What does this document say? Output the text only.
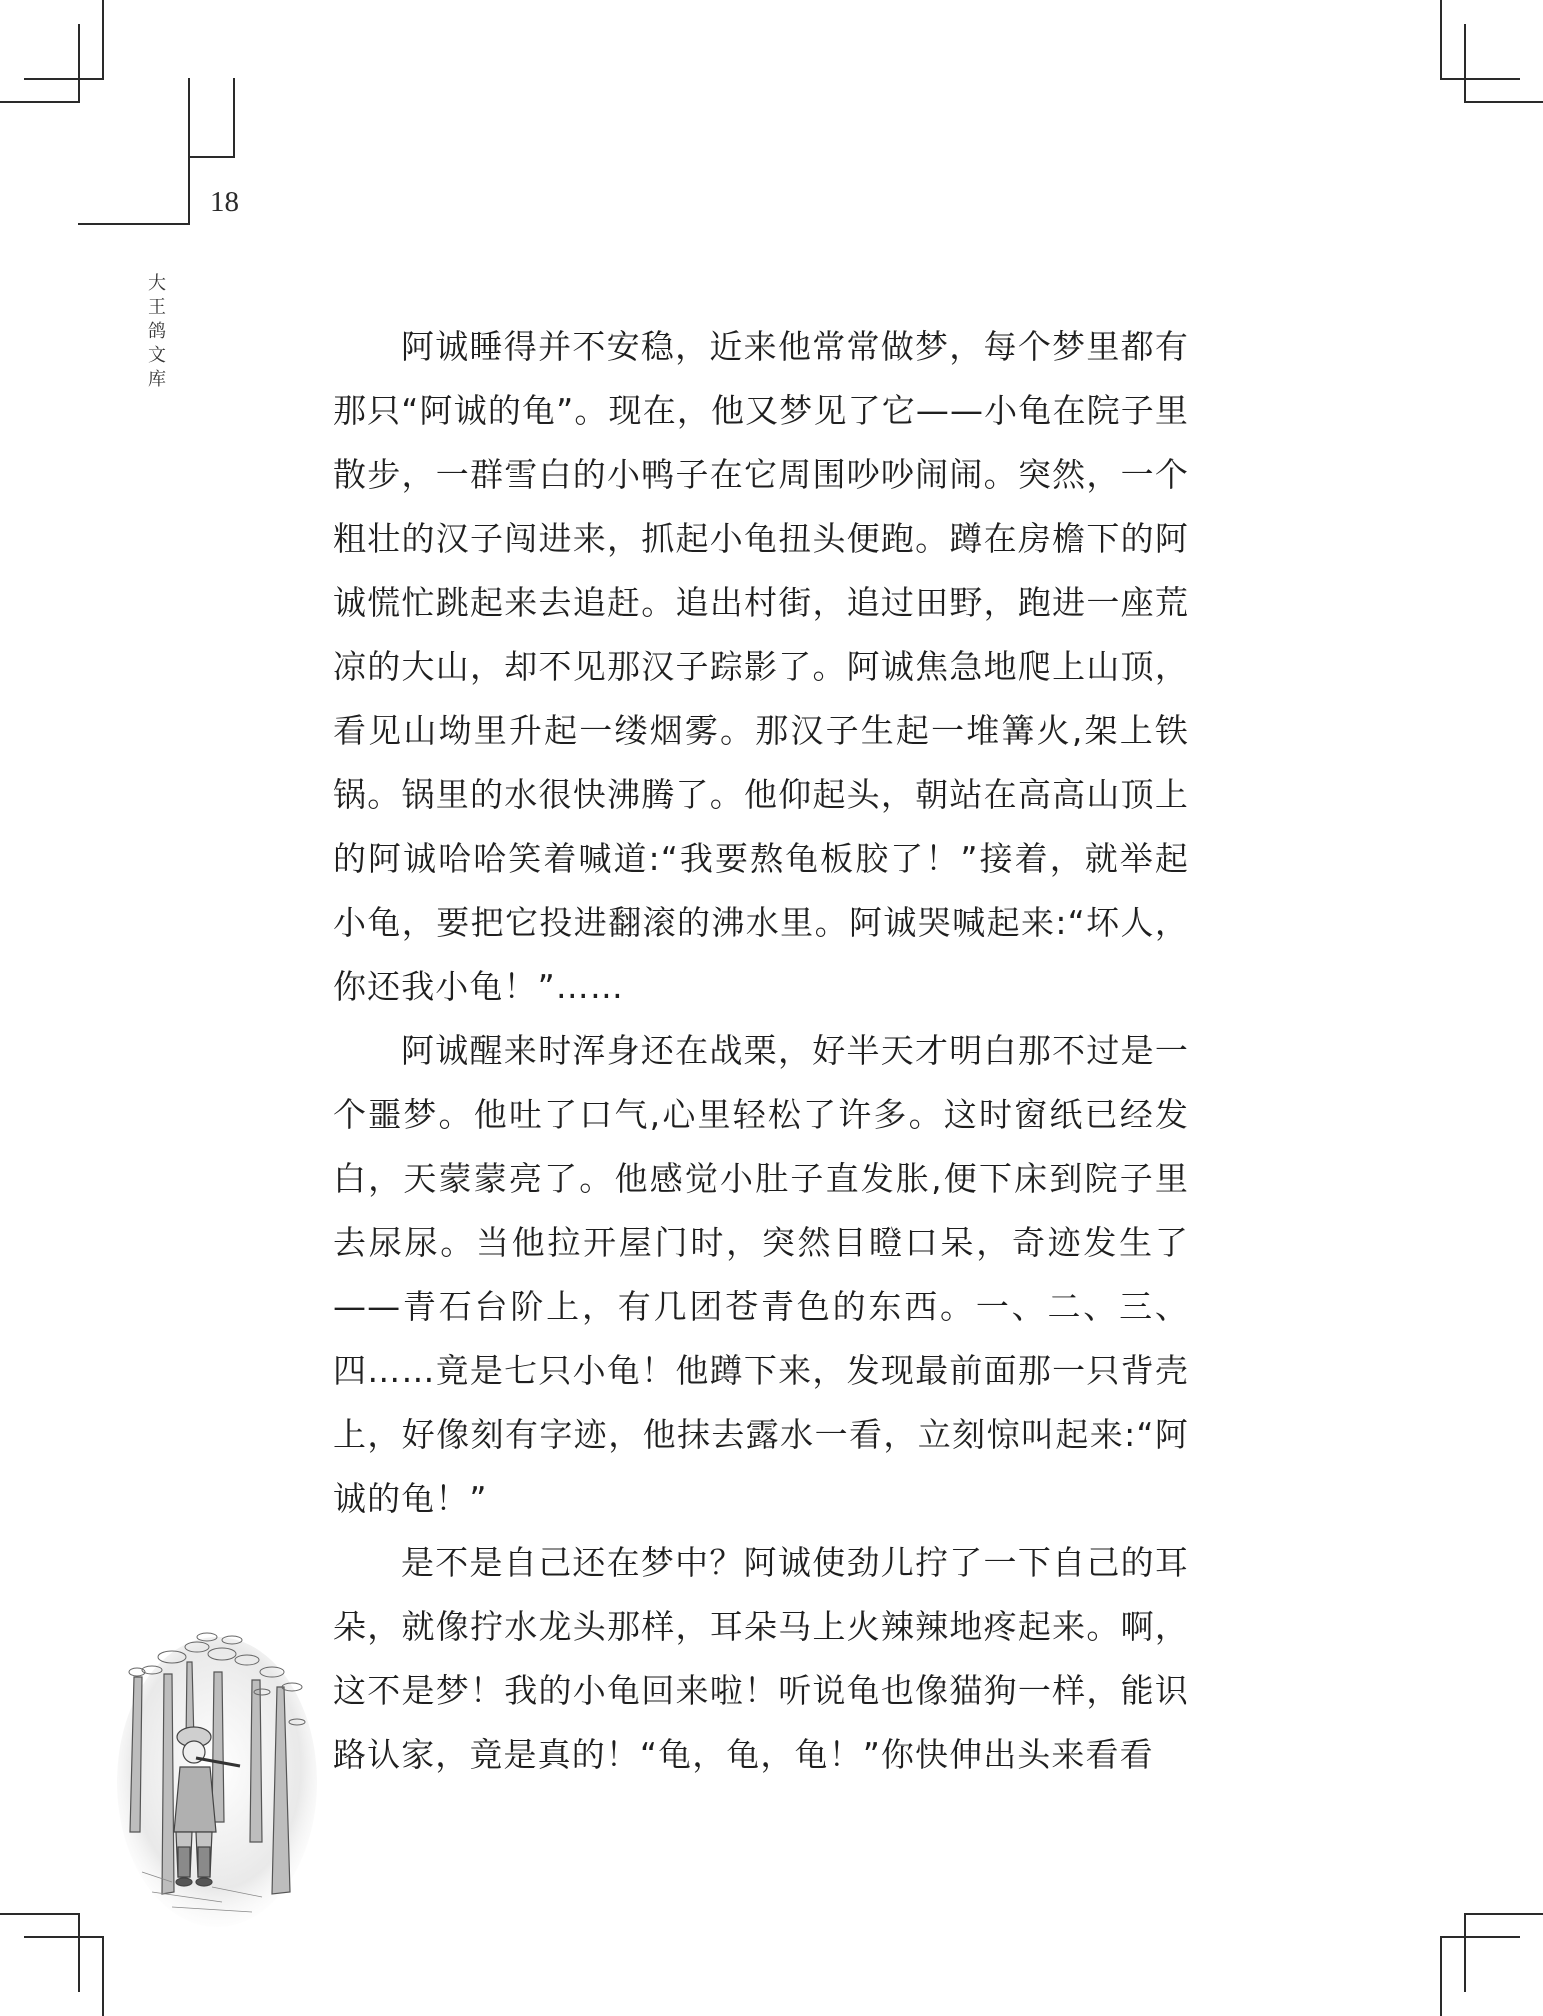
18
大
王
鸽
文
库

阿诚睡得并不安稳，近来他常常做梦，每个梦里都有那只“阿诚的龟”。现在，他又梦见了它——小龟在院子里散步，一群雪白的小鸭子在它周围吵吵闹闹。突然，一个粗壮的汉子闯进来，抓起小龟扭头便跑。蹲在房檐下的阿诚慌忙跳起来去追赶。追出村街，追过田野，跑进一座荒凉的大山，却不见那汉子踪影了。阿诚焦急地爬上山顶，看见山坳里升起一缕烟雾。那汉子生起一堆篝火,架上铁锅。锅里的水很快沸腾了。他仰起头，朝站在高高山顶上的阿诚哈哈笑着喊道:“我要熬龟板胶了！”接着，就举起小龟，要把它投进翻滚的沸水里。阿诚哭喊起来:“坏人，你还我小龟！”……

阿诚醒来时浑身还在战栗，好半天才明白那不过是一个噩梦。他吐了口气,心里轻松了许多。这时窗纸已经发白，天蒙蒙亮了。他感觉小肚子直发胀,便下床到院子里去尿尿。当他拉开屋门时，突然目瞪口呆，奇迹发生了——青石台阶上，有几团苍青色的东西。一、二、三、四……竟是七只小龟！他蹲下来，发现最前面那一只背壳上，好像刻有字迹，他抹去露水一看，立刻惊叫起来:“阿诚的龟！”

是不是自己还在梦中？阿诚使劲儿拧了一下自己的耳朵，就像拧水龙头那样，耳朵马上火辣辣地疼起来。啊，这不是梦！我的小龟回来啦！听说龟也像猫狗一样，能识路认家，竟是真的！“龟，龟，龟！”你快伸出头来看看
